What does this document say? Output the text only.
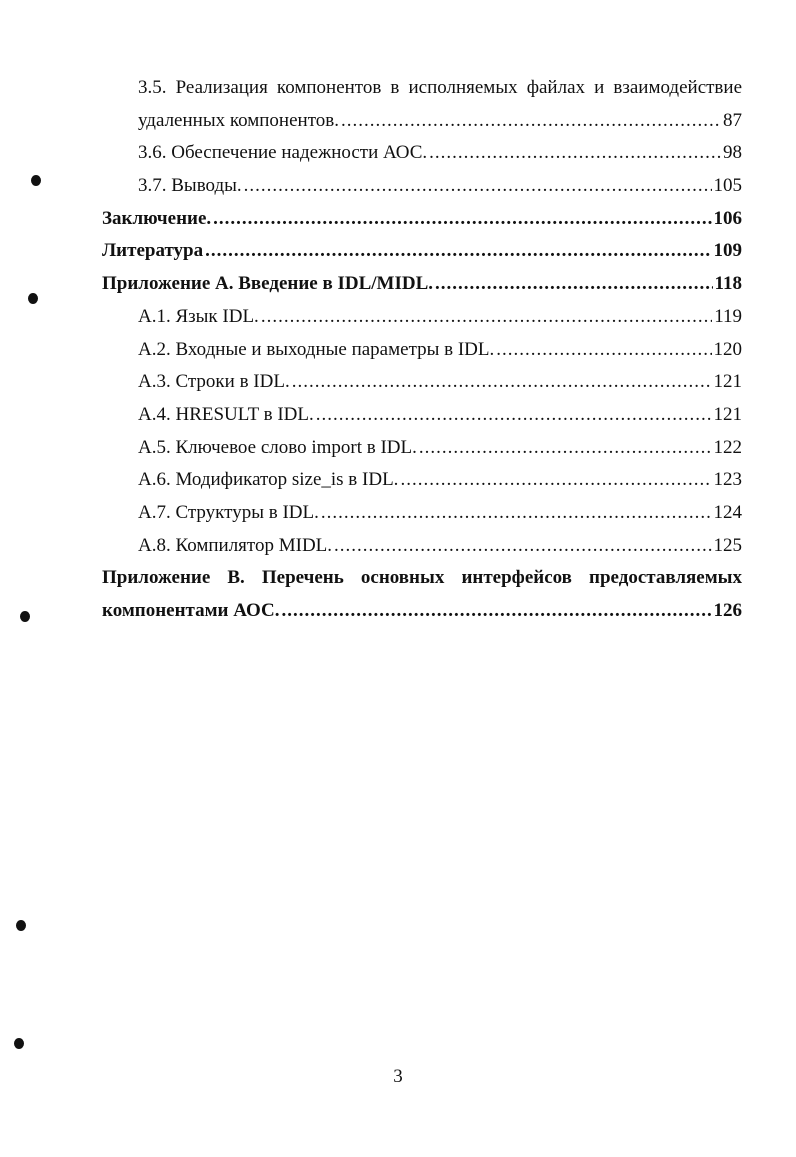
3.5. Реализация компонентов в исполняемых файлах и взаимодействие
удаленных компонентов. .....	87
3.6. Обеспечение надежности АОС. .....	98
3.7. Выводы. .....	105
Заключение. .....	106
Литература .....	109
Приложение А. Введение в IDL/MIDL. .....	118
А.1. Язык IDL. .....	119
А.2. Входные и выходные параметры в IDL. .....	120
А.3. Строки в IDL. .....	121
А.4. HRESULT в IDL. .....	121
А.5. Ключевое слово import в IDL. .....	122
А.6. Модификатор size_is в IDL. .....	123
А.7. Структуры в IDL. .....	124
А.8. Компилятор MIDL. .....	125
Приложение В. Перечень основных интерфейсов предоставляемых
компонентами АОС. .....	126
3
